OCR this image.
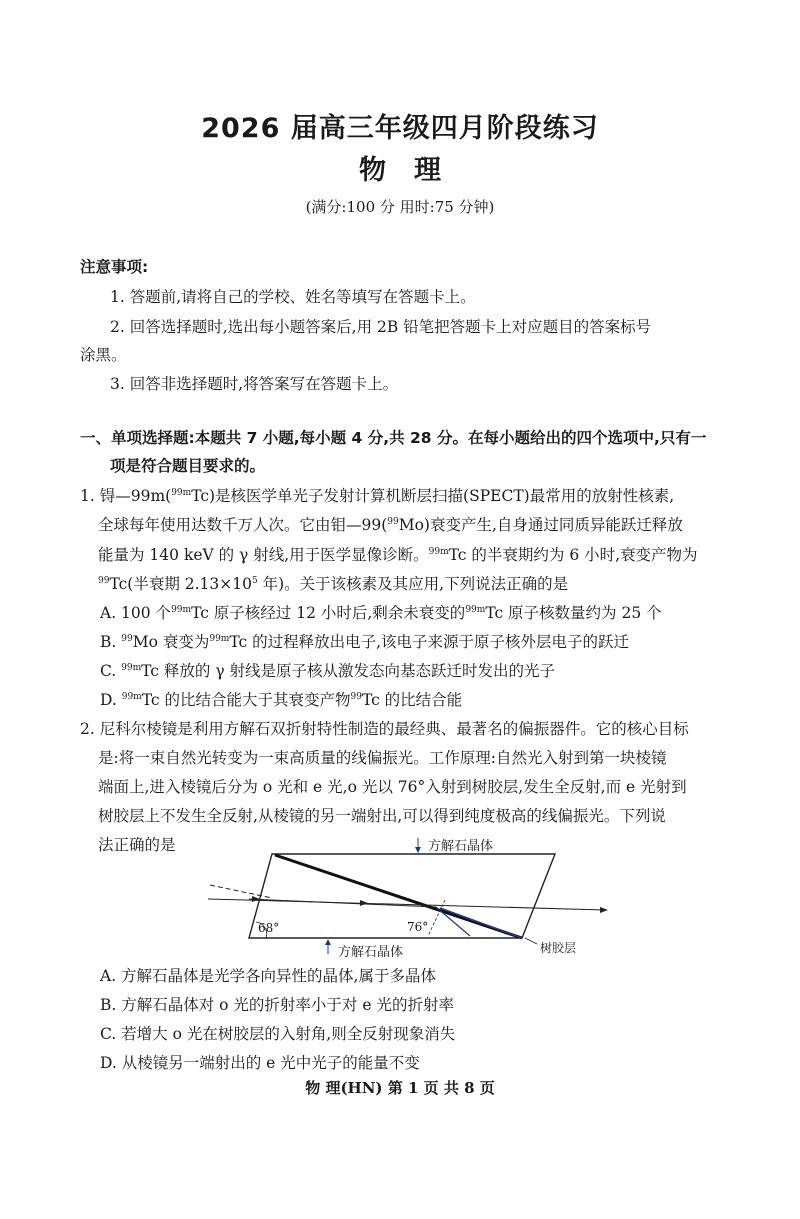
2026 届高三年级四月阶段练习
物理
(满分:100 分 用时:75 分钟)
注意事项:
1. 答题前,请将自己的学校、姓名等填写在答题卡上。
2. 回答选择题时,选出每小题答案后,用 2B 铅笔把答题卡上对应题目的答案标号
涂黑。
3. 回答非选择题时,将答案写在答题卡上。
一、单项选择题:本题共 7 小题,每小题 4 分,共 28 分。在每小题给出的四个选项中,只有一
项是符合题目要求的。
1. 锝—99m($^{99m}$Tc)是核医学单光子发射计算机断层扫描(SPECT)最常用的放射性核素,
全球每年使用达数千万人次。它由钼—99($^{99}$Mo)衰变产生,自身通过同质异能跃迁释放
能量为 140 keV 的 γ 射线,用于医学显像诊断。$^{99m}$Tc 的半衰期约为 6 小时,衰变产物为
$^{99}$Tc(半衰期 $2.13\times 10^5$ 年)。关于该核素及其应用,下列说法正确的是
A. 100 个$^{99m}$Tc 原子核经过 12 小时后,剩余未衰变的$^{99m}$Tc 原子核数量约为 25 个
B. $^{99}$Mo 衰变为$^{99m}$Tc 的过程释放出电子,该电子来源于原子核外层电子的跃迁
C. $^{99m}$Tc 释放的 γ 射线是原子核从激发态向基态跃迁时发出的光子
D. $^{99m}$Tc 的比结合能大于其衰变产物$^{99}$Tc 的比结合能
2. 尼科尔棱镜是利用方解石双折射特性制造的最经典、最著名的偏振器件。它的核心目标
是:将一束自然光转变为一束高质量的线偏振光。工作原理:自然光入射到第一块棱镜
端面上,进入棱镜后分为 o 光和 e 光,o 光以 76°入射到树胶层,发生全反射,而 e 光射到
树胶层上不发生全反射,从棱镜的另一端射出,可以得到纯度极高的线偏振光。下列说
法正确的是	方解石晶体
方解石晶体	树胶层
68°	76°
A. 方解石晶体是光学各向异性的晶体,属于多晶体
B. 方解石晶体对 o 光的折射率小于对 e 光的折射率
C. 若增大 o 光在树胶层的入射角,则全反射现象消失
D. 从棱镜另一端射出的 e 光中光子的能量不变
物 理(HN) 第 1 页 共 8 页
